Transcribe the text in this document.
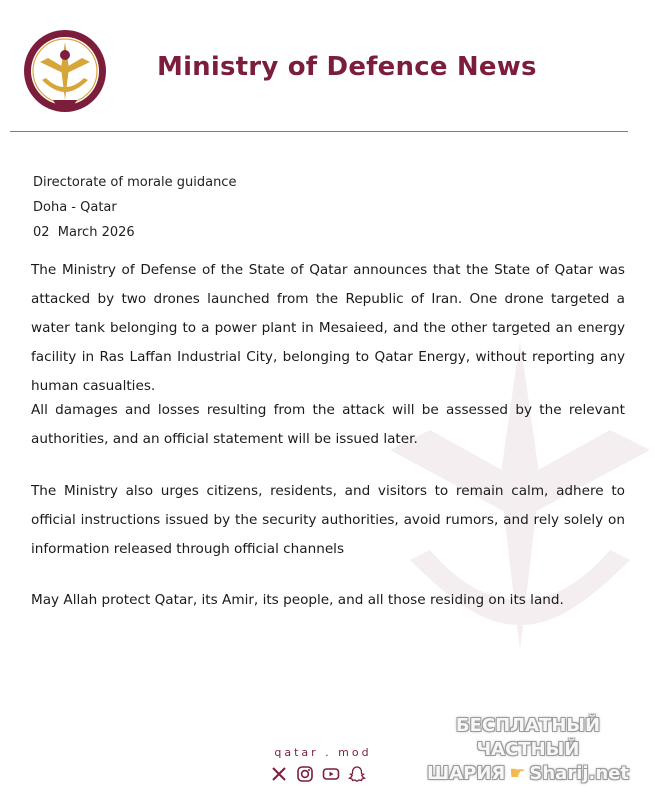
Ministry of Defence News
Directorate of morale guidance
Doha - Qatar
02  March 2026

The Ministry of Defense of the State of Qatar announces that the State of Qatar was attacked by two drones launched from the Republic of Iran. One drone targeted a water tank belonging to a power plant in Mesaieed, and the other targeted an energy facility in Ras Laffan Industrial City, belonging to Qatar Energy, without reporting any human casualties.

All damages and losses resulting from the attack will be assessed by the relevant authorities, and an official statement will be issued later.

The Ministry also urges citizens, residents, and visitors to remain calm, adhere to official instructions issued by the security authorities, avoid rumors, and rely solely on information released through official channels

May Allah protect Qatar, its Amir, its people, and all those residing on its land.

qatar . mod
БЕСПЛАТНЫЙ ЧАСТНЫЙ
ШАРИЯ ☛ Sharij.net
